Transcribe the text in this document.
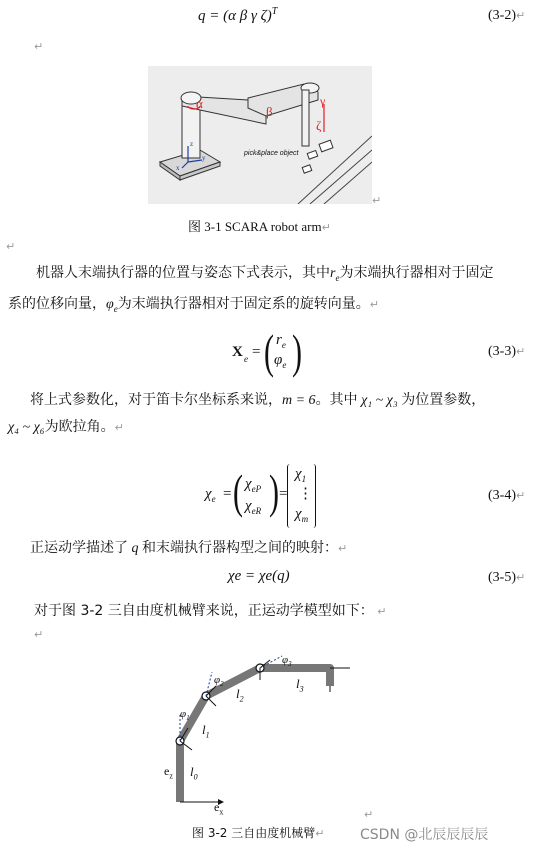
q = (α β γ ζ)$^T$	(3-2)↵
↵
α
β
γ
ζ
z
y
x
pick&place object
↵
图 3-1 SCARA robot arm↵
↵
机器人末端执行器的位置与姿态下式表示，其中$r_e$为末端执行器相对于固定
系的位移向量，$\varphi_e$为末端执行器相对于固定系的旋转向量。↵
X e = ( $r_e$
$\varphi_e$ )	(3-3)↵
将上式参数化，对于笛卡尔坐标系来说，m = 6。其中 χ₁ ~ χ₃ 为位置参数，
χ₄ ~ χ₆为欧拉角。↵
$\chi_e$ = ( $\chi_{eP}$
$\chi_{eR}$ ) =
$\chi_1$
⋮
$\chi_m$
(3-4)↵
正运动学描述了 q 和末端执行器构型之间的映射：↵
χe = χe(q)	(3-5)↵
对于图 3-2 三自由度机械臂来说，正运动学模型如下： ↵
↵
$e_z$
$e_x$
$l_0$
$l_1$
$l_2$
$l_3$
$\varphi_1$
$\varphi_2$
$\varphi_3$
↵
图 3-2 三自由度机械臂↵	CSDN @北辰辰辰辰
